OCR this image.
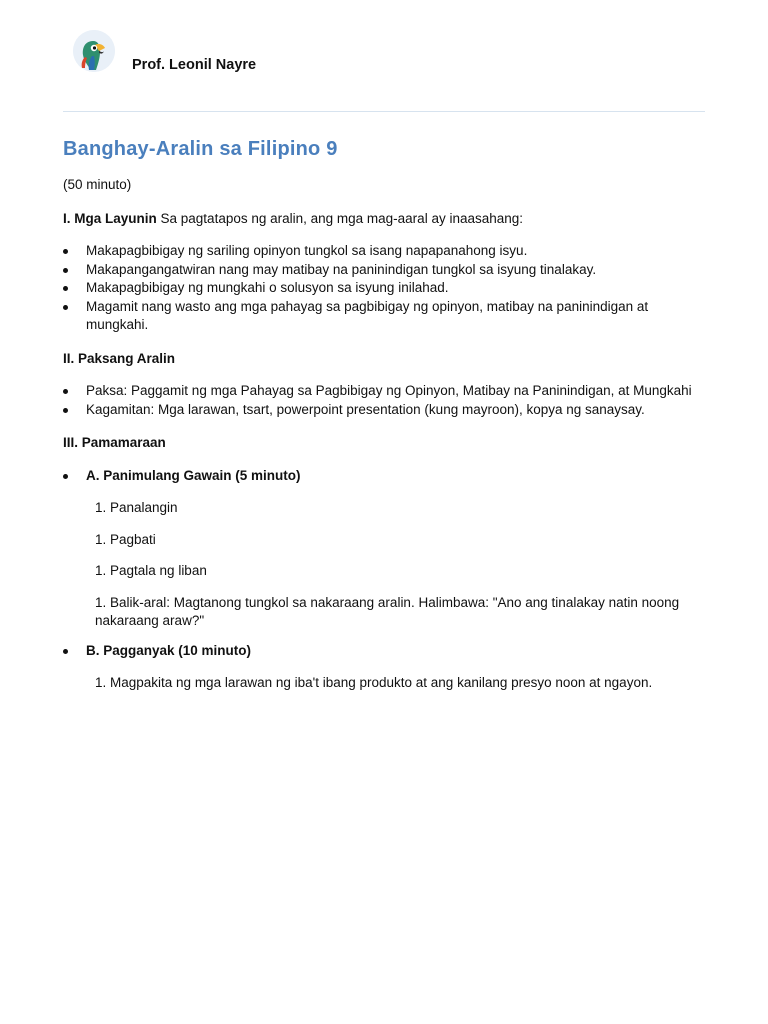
Prof. Leonil Nayre
Banghay-Aralin sa Filipino 9

(50 minuto)

I. Mga Layunin Sa pagtatapos ng aralin, ang mga mag-aaral ay inaasahang:

Makapagbibigay ng sariling opinyon tungkol sa isang napapanahong isyu.
Makapangangatwiran nang may matibay na paninindigan tungkol sa isyung tinalakay.
Makapagbibigay ng mungkahi o solusyon sa isyung inilahad.
Magamit nang wasto ang mga pahayag sa pagbibigay ng opinyon, matibay na paninindigan at mungkahi.

II. Paksang Aralin

Paksa: Paggamit ng mga Pahayag sa Pagbibigay ng Opinyon, Matibay na Paninindigan, at Mungkahi
Kagamitan: Mga larawan, tsart, powerpoint presentation (kung mayroon), kopya ng sanaysay.

III. Pamamaraan

A. Panimulang Gawain (5 minuto)

1. Panalangin

1. Pagbati

1. Pagtala ng liban

1. Balik-aral: Magtanong tungkol sa nakaraang aralin. Halimbawa: "Ano ang tinalakay natin noong nakaraang araw?"

B. Pagganyak (10 minuto)

1. Magpakita ng mga larawan ng iba't ibang produkto at ang kanilang presyo noon at ngayon.
